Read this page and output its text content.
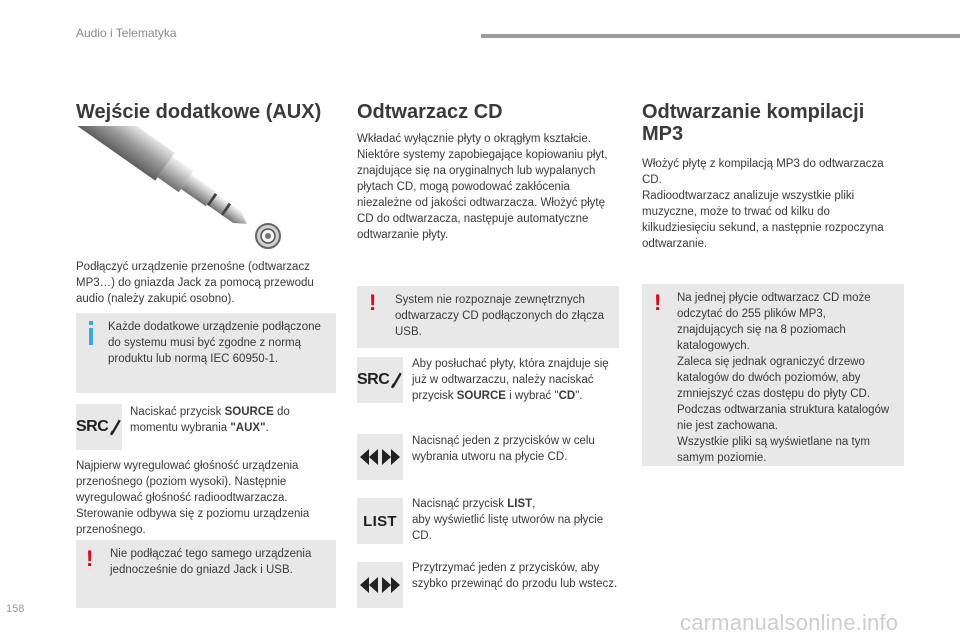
Audio i Telematyka
Wejście dodatkowe (AUX)

Podłączyć urządzenie przenośne (odtwarzacz MP3…) do gniazda Jack za pomocą przewodu audio (należy zakupić osobno).

Każde dodatkowe urządzenie podłączone do systemu musi być zgodne z normą produktu lub normą IEC 60950-1.
SRC
Naciskać przycisk SOURCE do momentu wybrania "AUX".

Najpierw wyregulować głośność urządzenia przenośnego (poziom wysoki). Następnie wyregulować głośność radioodtwarzacza. Sterowanie odbywa się z poziomu urządzenia przenośnego.

! Nie podłączać tego samego urządzenia jednocześnie do gniazd Jack i USB.
Odtwarzacz CD

Wkładać wyłącznie płyty o okrągłym kształcie. Niektóre systemy zapobiegające kopiowaniu płyt, znajdujące się na oryginalnych lub wypalanych płytach CD, mogą powodować zakłócenia niezależne od jakości odtwarzacza. Włożyć płytę CD do odtwarzacza, następuje automatyczne odtwarzanie płyty.

! System nie rozpoznaje zewnętrznych odtwarzaczy CD podłączonych do złącza USB.
SRC
Aby posłuchać płyty, która znajduje się już w odtwarzaczu, należy naciskać przycisk SOURCE i wybrać "CD".
Nacisnąć jeden z przycisków w celu wybrania utworu na płycie CD.
LIST
Nacisnąć przycisk LIST,
aby wyświetlić listę utworów na płycie CD.
Przytrzymać jeden z przycisków, aby szybko przewinąć do przodu lub wstecz.
Odtwarzanie kompilacji MP3

Włożyć płytę z kompilacją MP3 do odtwarzacza CD.
Radioodtwarzacz analizuje wszystkie pliki muzyczne, może to trwać od kilku do kilkudziesięciu sekund, a następnie rozpoczyna odtwarzanie.

! Na jednej płycie odtwarzacz CD może odczytać do 255 plików MP3, znajdujących się na 8 poziomach katalogowych.
Zaleca się jednak ograniczyć drzewo katalogów do dwóch poziomów, aby zmniejszyć czas dostępu do płyty CD.
Podczas odtwarzania struktura katalogów nie jest zachowana.
Wszystkie pliki są wyświetlane na tym samym poziomie.
158
carmanualsonline.info
